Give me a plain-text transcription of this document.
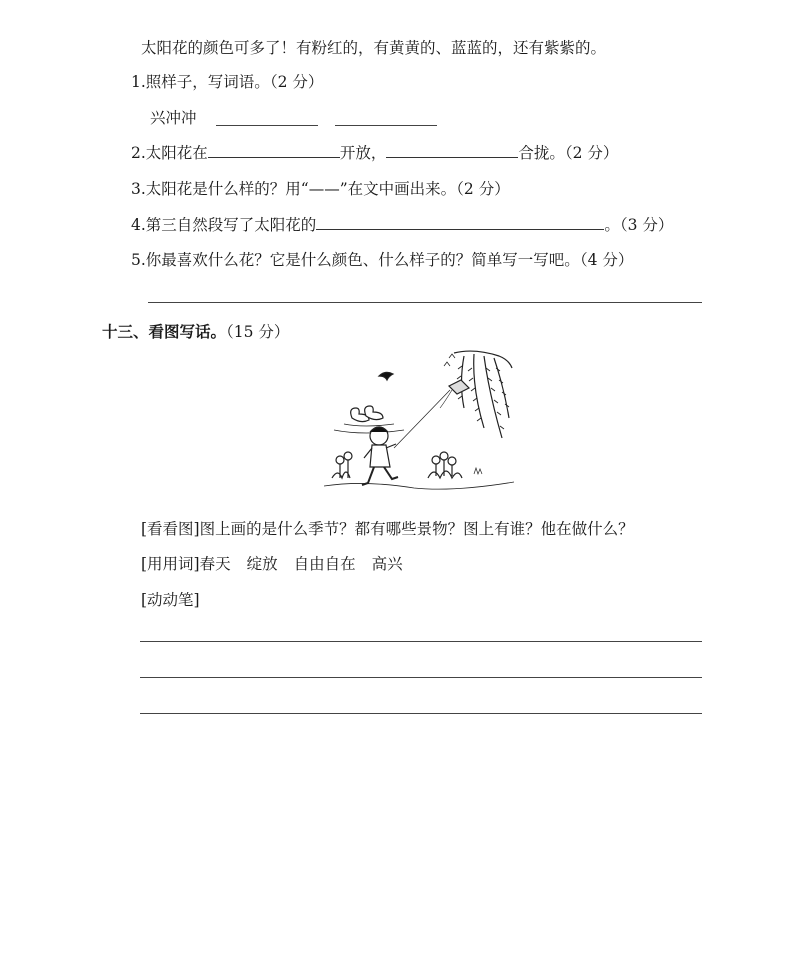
太阳花的颜色可多了！有粉红的，有黄黄的、蓝蓝的，还有紫紫的。
1.照样子，写词语。（2 分）
兴冲冲
2.太阳花在	开放，	合拢。（2 分）
3.太阳花是什么样的？用“——”在文中画出来。（2 分）
4.第三自然段写了太阳花的	。（3 分）
5.你最喜欢什么花？它是什么颜色、什么样子的？简单写一写吧。（4 分）
十三、看图写话。（15 分）
[看看图]图上画的是什么季节？都有哪些景物？图上有谁？他在做什么？
[用用词]春天 绽放 自由自在 高兴
[动动笔]
